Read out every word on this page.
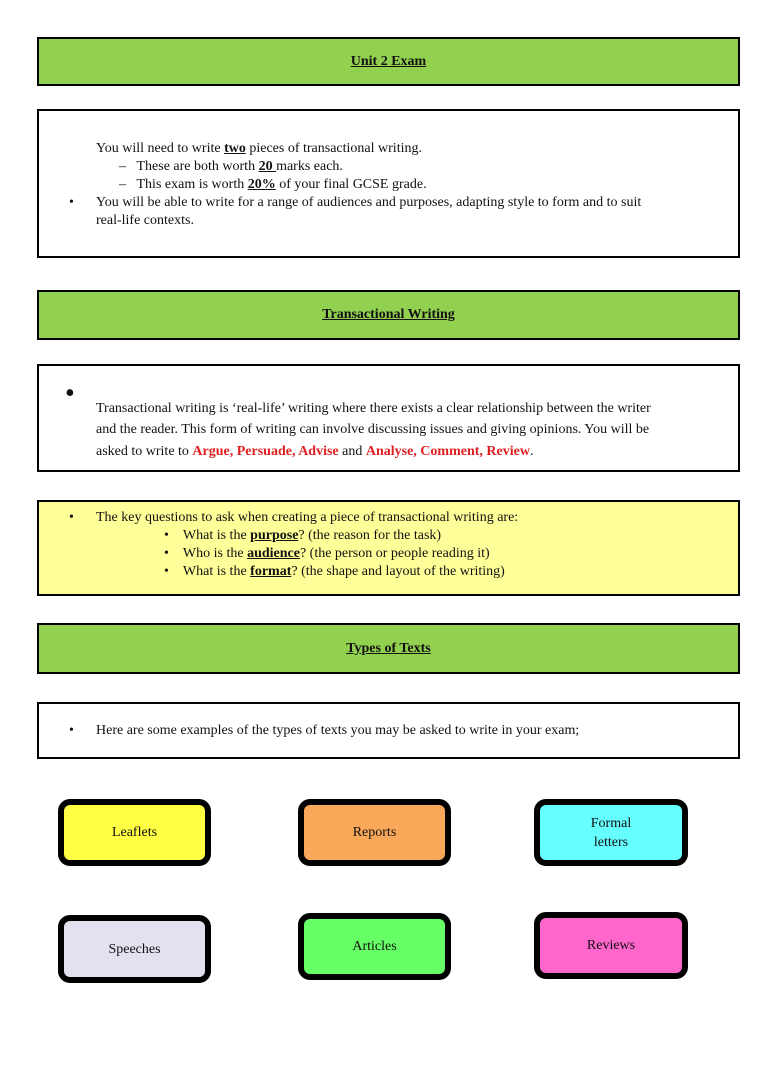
Unit 2 Exam
You will need to write two pieces of transactional writing.
– These are both worth 20 marks each.
– This exam is worth 20% of your final GCSE grade.
• You will be able to write for a range of audiences and purposes, adapting style to form and to suit
real-life contexts.
Transactional Writing
• Transactional writing is ‘real-life’ writing where there exists a clear relationship between the writer
and the reader. This form of writing can involve discussing issues and giving opinions. You will be
asked to write to Argue, Persuade, Advise and Analyse, Comment, Review.
• The key questions to ask when creating a piece of transactional writing are:
• What is the purpose? (the reason for the task)
• Who is the audience? (the person or people reading it)
• What is the format? (the shape and layout of the writing)
Types of Texts
• Here are some examples of the types of texts you may be asked to write in your exam;
Leaflets	Reports
Formal
letters
Speeches	Articles	Reviews
